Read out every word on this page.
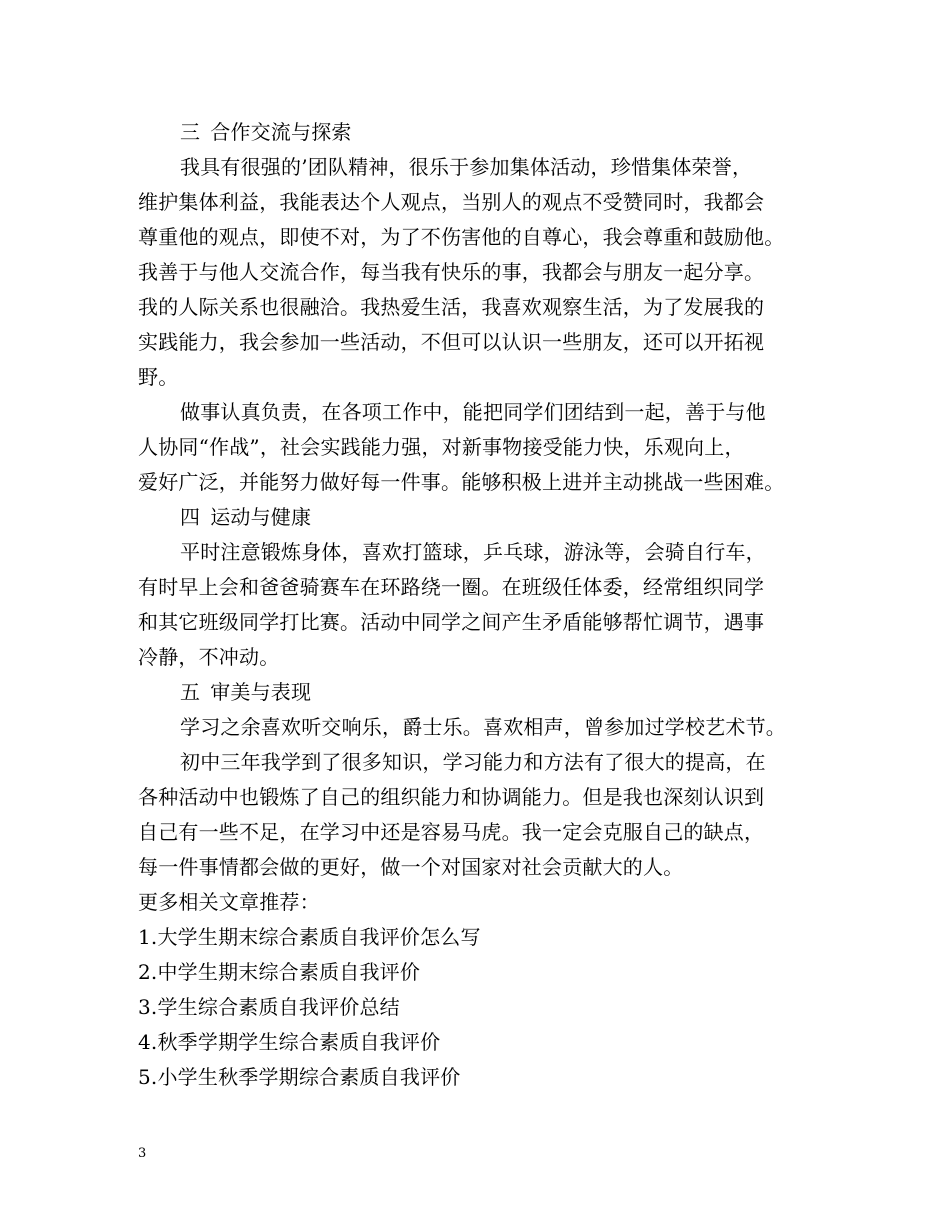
三 合作交流与探索
我具有很强的’团队精神，很乐于参加集体活动，珍惜集体荣誉，
维护集体利益，我能表达个人观点，当别人的观点不受赞同时，我都会
尊重他的观点，即使不对，为了不伤害他的自尊心，我会尊重和鼓励他。
我善于与他人交流合作，每当我有快乐的事，我都会与朋友一起分享。
我的人际关系也很融洽。我热爱生活，我喜欢观察生活，为了发展我的
实践能力，我会参加一些活动，不但可以认识一些朋友，还可以开拓视
野。
做事认真负责，在各项工作中，能把同学们团结到一起，善于与他
人协同“作战”，社会实践能力强，对新事物接受能力快，乐观向上，
爱好广泛，并能努力做好每一件事。能够积极上进并主动挑战一些困难。
四 运动与健康
平时注意锻炼身体，喜欢打篮球，乒乓球，游泳等，会骑自行车，
有时早上会和爸爸骑赛车在环路绕一圈。在班级任体委，经常组织同学
和其它班级同学打比赛。活动中同学之间产生矛盾能够帮忙调节，遇事
冷静，不冲动。
五 审美与表现
学习之余喜欢听交响乐，爵士乐。喜欢相声，曾参加过学校艺术节。
初中三年我学到了很多知识，学习能力和方法有了很大的提高，在
各种活动中也锻炼了自己的组织能力和协调能力。但是我也深刻认识到
自己有一些不足，在学习中还是容易马虎。我一定会克服自己的缺点，
每一件事情都会做的更好，做一个对国家对社会贡献大的人。
更多相关文章推荐：
1.大学生期末综合素质自我评价怎么写
2.中学生期末综合素质自我评价
3.学生综合素质自我评价总结
4.秋季学期学生综合素质自我评价
5.小学生秋季学期综合素质自我评价
3
